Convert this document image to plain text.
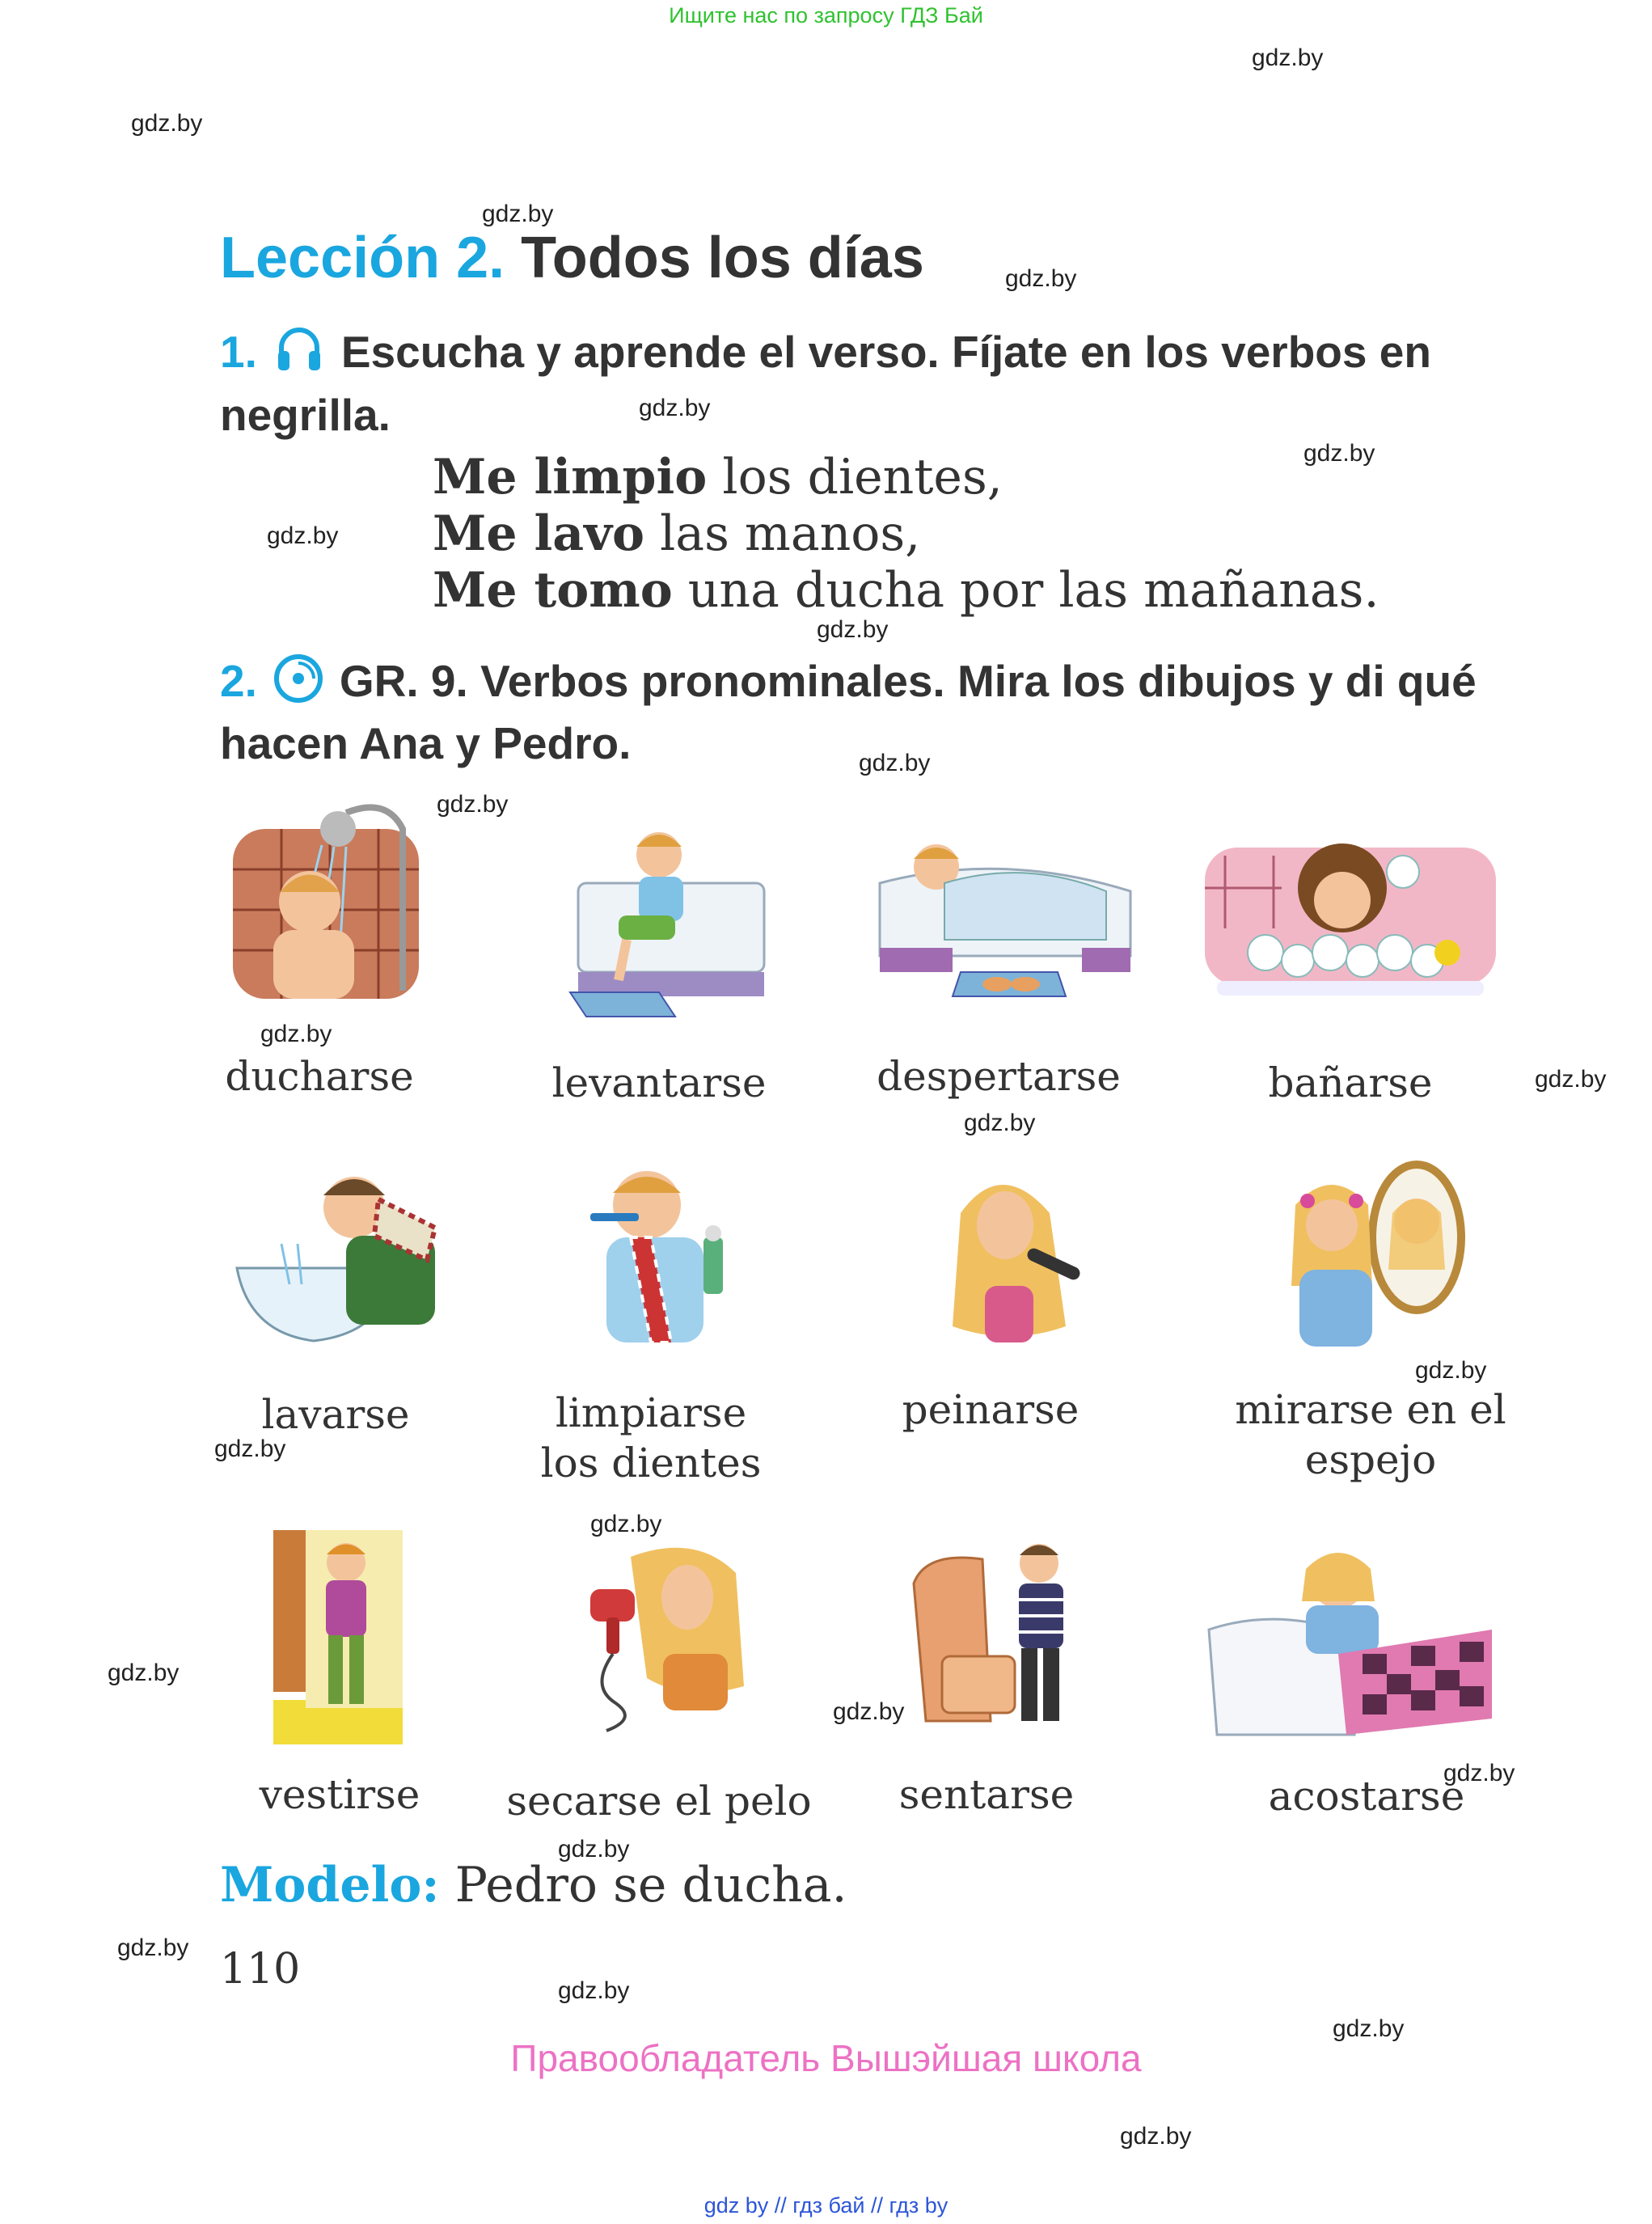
Ищите нас по запросу ГДЗ Бай
gdz.by
gdz.by
gdz.by
gdz.by
gdz.by
gdz.by
gdz.by
gdz.by
gdz.by
gdz.by
gdz.by
gdz.by
gdz.by
gdz.by
gdz.by
gdz.by
gdz.by
gdz.by
gdz.by
gdz.by
gdz.by
gdz.by
gdz.by
gdz.by
Lección 2. Todos los días
1. Escucha y aprende el verso. Fíjate en los verbos en negrilla.
Me limpio los dientes,
Me lavo las manos,
Me tomo una ducha por las mañanas.
2. GR. 9. Verbos pronominales. Mira los dibujos y di qué hacen Ana y Pedro.
ducharse	levantarse	despertarse	bañarse
lavarse	limpiarse los dientes
peinarse	mirarse en el espejo
vestirse	secarse el pelo	sentarse	acostarse
Modelo: Pedro se ducha.
110
Правообладатель Вышэйшая школа
gdz by // гдз бай // гдз by
